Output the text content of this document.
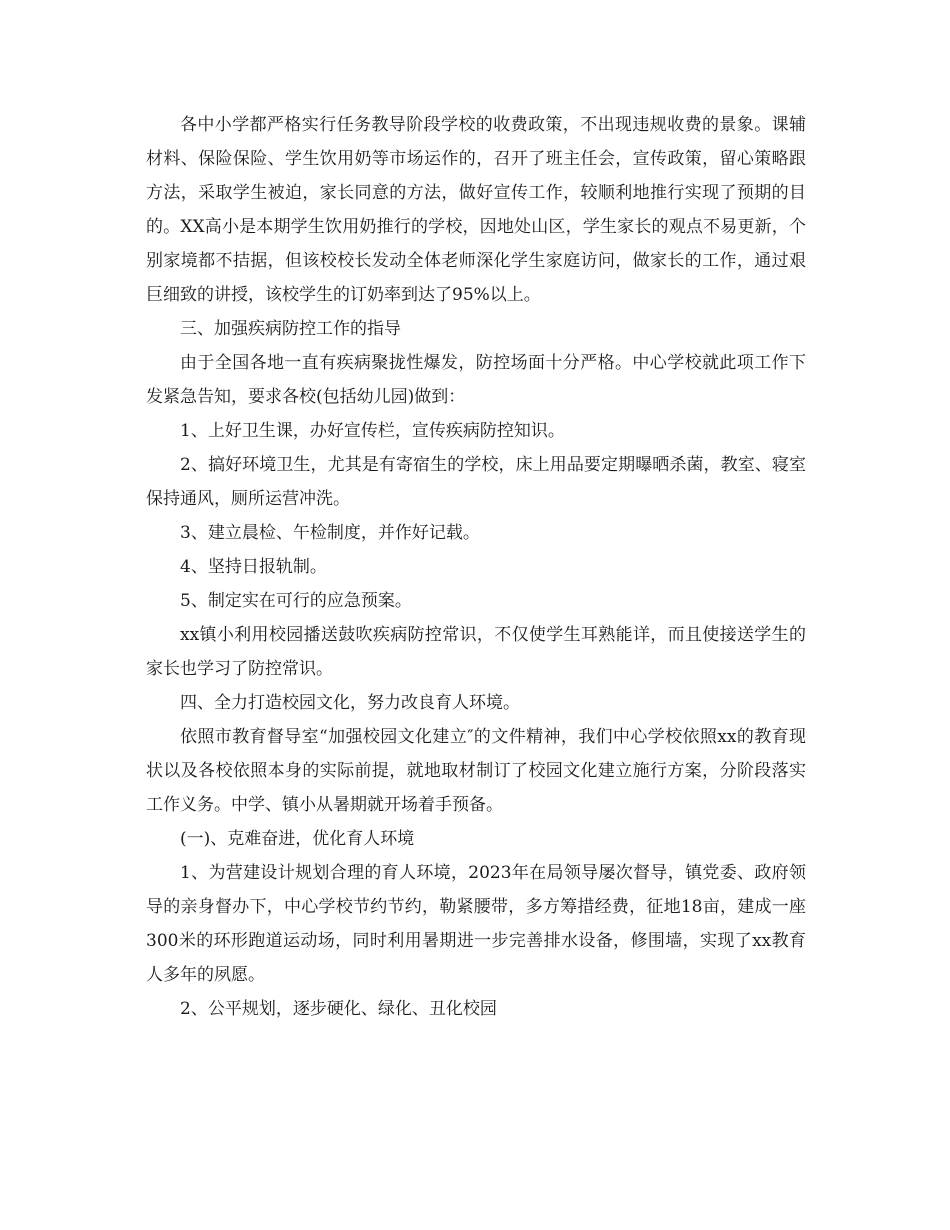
各中小学都严格实行任务教导阶段学校的收费政策，不出现违规收费的景象。课辅材料、保险保险、学生饮用奶等市场运作的，召开了班主任会，宣传政策，留心策略跟方法，采取学生被迫，家长同意的方法，做好宣传工作，较顺利地推行实现了预期的目的。XX高小是本期学生饮用奶推行的学校，因地处山区，学生家长的观点不易更新，个别家境都不拮据，但该校校长发动全体老师深化学生家庭访问，做家长的工作，通过艰巨细致的讲授，该校学生的订奶率到达了95%以上。

三、加强疾病防控工作的指导

由于全国各地一直有疾病聚拢性爆发，防控场面十分严格。中心学校就此项工作下发紧急告知，要求各校(包括幼儿园)做到：

1、上好卫生课，办好宣传栏，宣传疾病防控知识。

2、搞好环境卫生，尤其是有寄宿生的学校，床上用品要定期曝晒杀菌，教室、寝室保持通风，厕所运营冲洗。

3、建立晨检、午检制度，并作好记载。

4、坚持日报轨制。

5、制定实在可行的应急预案。

xx镇小利用校园播送鼓吹疾病防控常识，不仅使学生耳熟能详，而且使接送学生的家长也学习了防控常识。

四、全力打造校园文化，努力改良育人环境。

依照市教育督导室“加强校园文化建立″的文件精神，我们中心学校依照xx的教育现状以及各校依照本身的实际前提，就地取材制订了校园文化建立施行方案，分阶段落实工作义务。中学、镇小从暑期就开场着手预备。

(一)、克难奋进，优化育人环境

1、为营建设计规划合理的育人环境，2023年在局领导屡次督导，镇党委、政府领导的亲身督办下，中心学校节约节约，勒紧腰带，多方筹措经费，征地18亩，建成一座300米的环形跑道运动场，同时利用暑期进一步完善排水设备，修围墙，实现了xx教育人多年的夙愿。

2、公平规划，逐步硬化、绿化、丑化校园
